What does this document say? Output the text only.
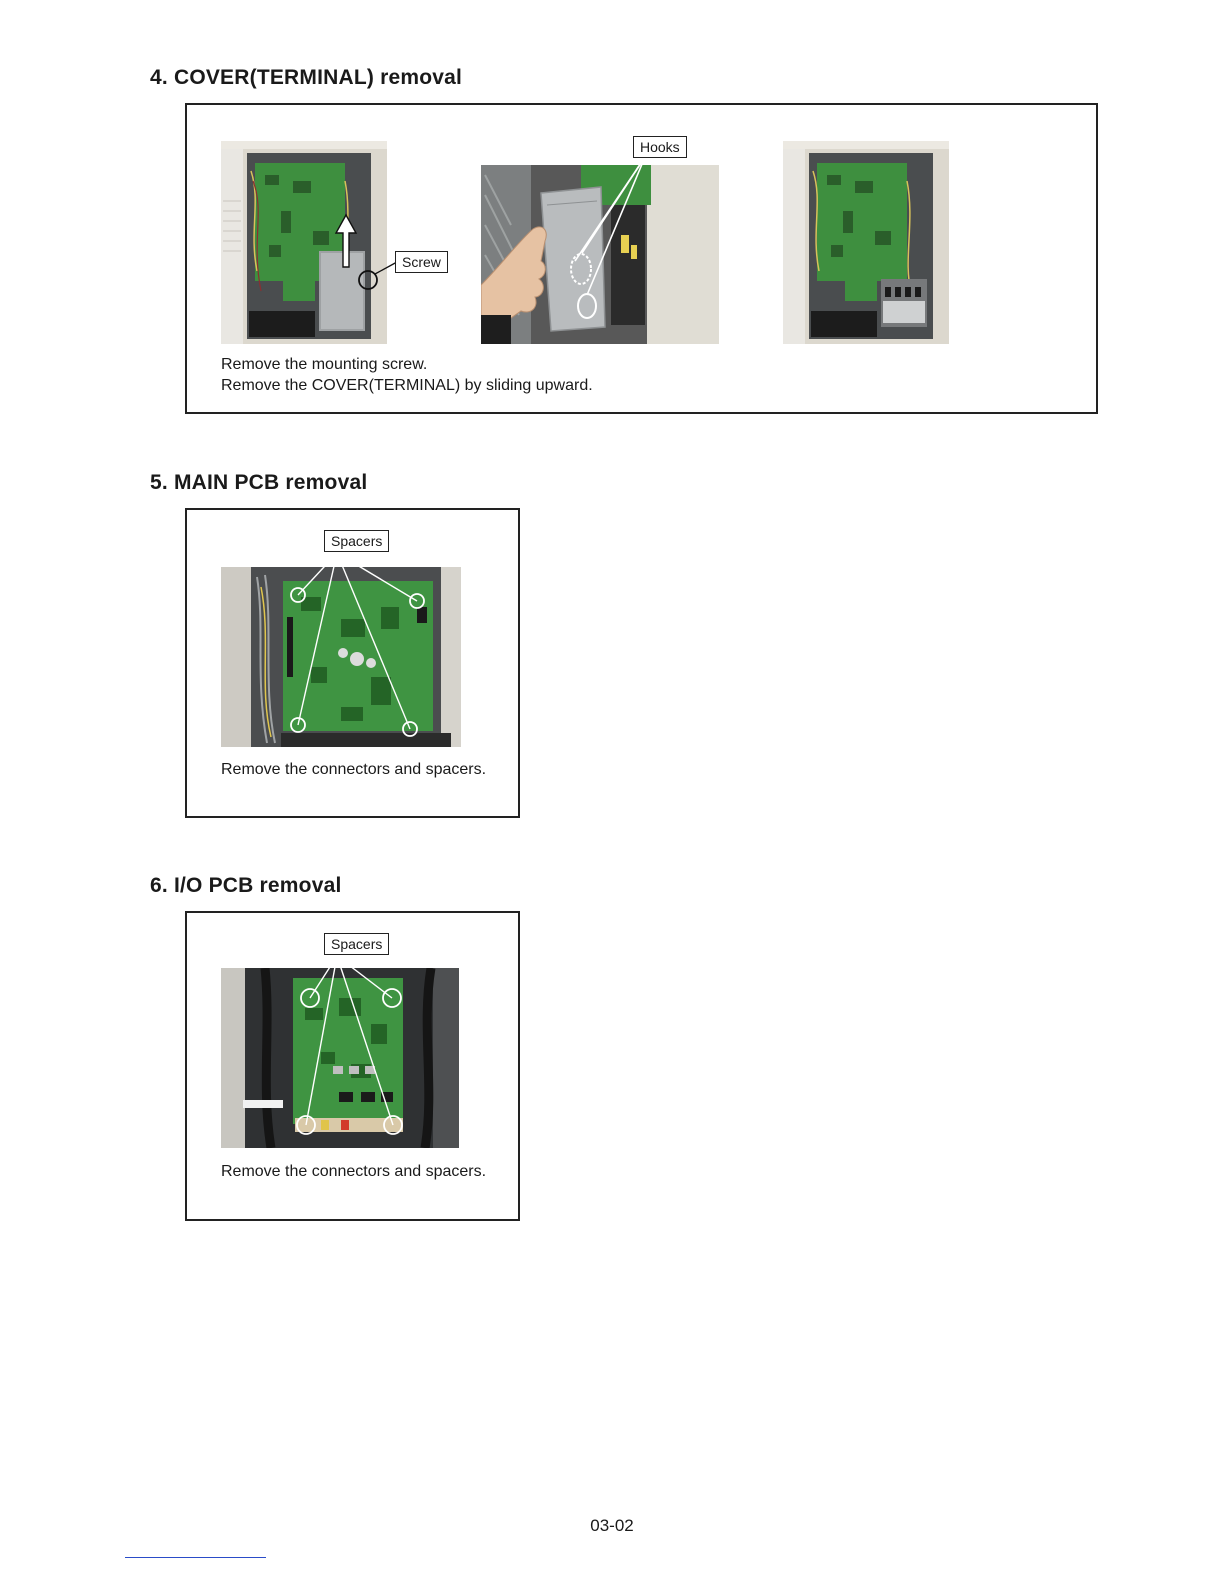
4. COVER(TERMINAL) removal
Screw
Hooks

Remove the mounting screw.

Remove the COVER(TERMINAL) by sliding upward.

5. MAIN PCB removal
Spacers

Remove the connectors and spacers.

6. I/O PCB removal
Spacers

Remove the connectors and spacers.

03-02
